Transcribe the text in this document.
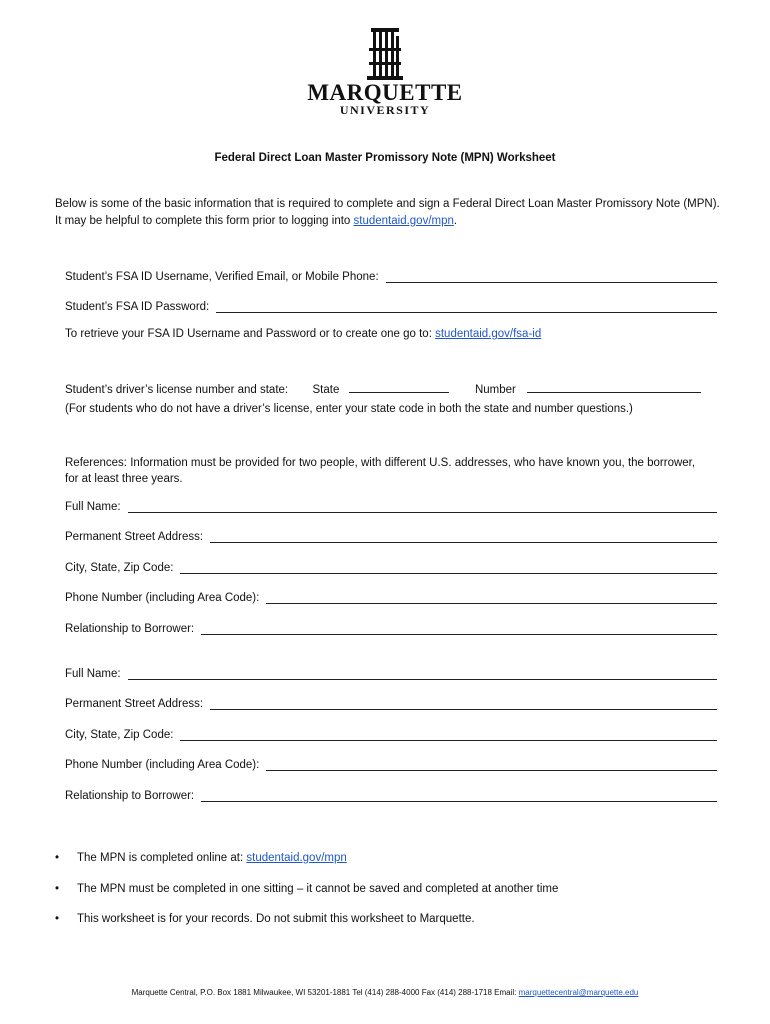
MARQUETTE
UNIVERSITY
Federal Direct Loan Master Promissory Note (MPN) Worksheet
Below is some of the basic information that is required to complete and sign a Federal Direct Loan Master Promissory Note (MPN). It may be helpful to complete this form prior to logging into studentaid.gov/mpn.
Student’s FSA ID Username, Verified Email, or Mobile Phone:
Student’s FSA ID Password:
To retrieve your FSA ID Username and Password or to create one go to: studentaid.gov/fsa-id
Student’s driver’s license number and state: State	Number
(For students who do not have a driver’s license, enter your state code in both the state and number questions.)
References: Information must be provided for two people, with different U.S. addresses, who have known you, the borrower, for at least three years.
Full Name:
Permanent Street Address:
City, State, Zip Code:
Phone Number (including Area Code):
Relationship to Borrower:
Full Name:
Permanent Street Address:
City, State, Zip Code:
Phone Number (including Area Code):
Relationship to Borrower:
• The MPN is completed online at: studentaid.gov/mpn
• The MPN must be completed in one sitting – it cannot be saved and completed at another time
• This worksheet is for your records. Do not submit this worksheet to Marquette.
Marquette Central, P.O. Box 1881 Milwaukee, WI 53201-1881 Tel (414) 288-4000 Fax (414) 288-1718 Email: marquettecentral@marquette.edu
